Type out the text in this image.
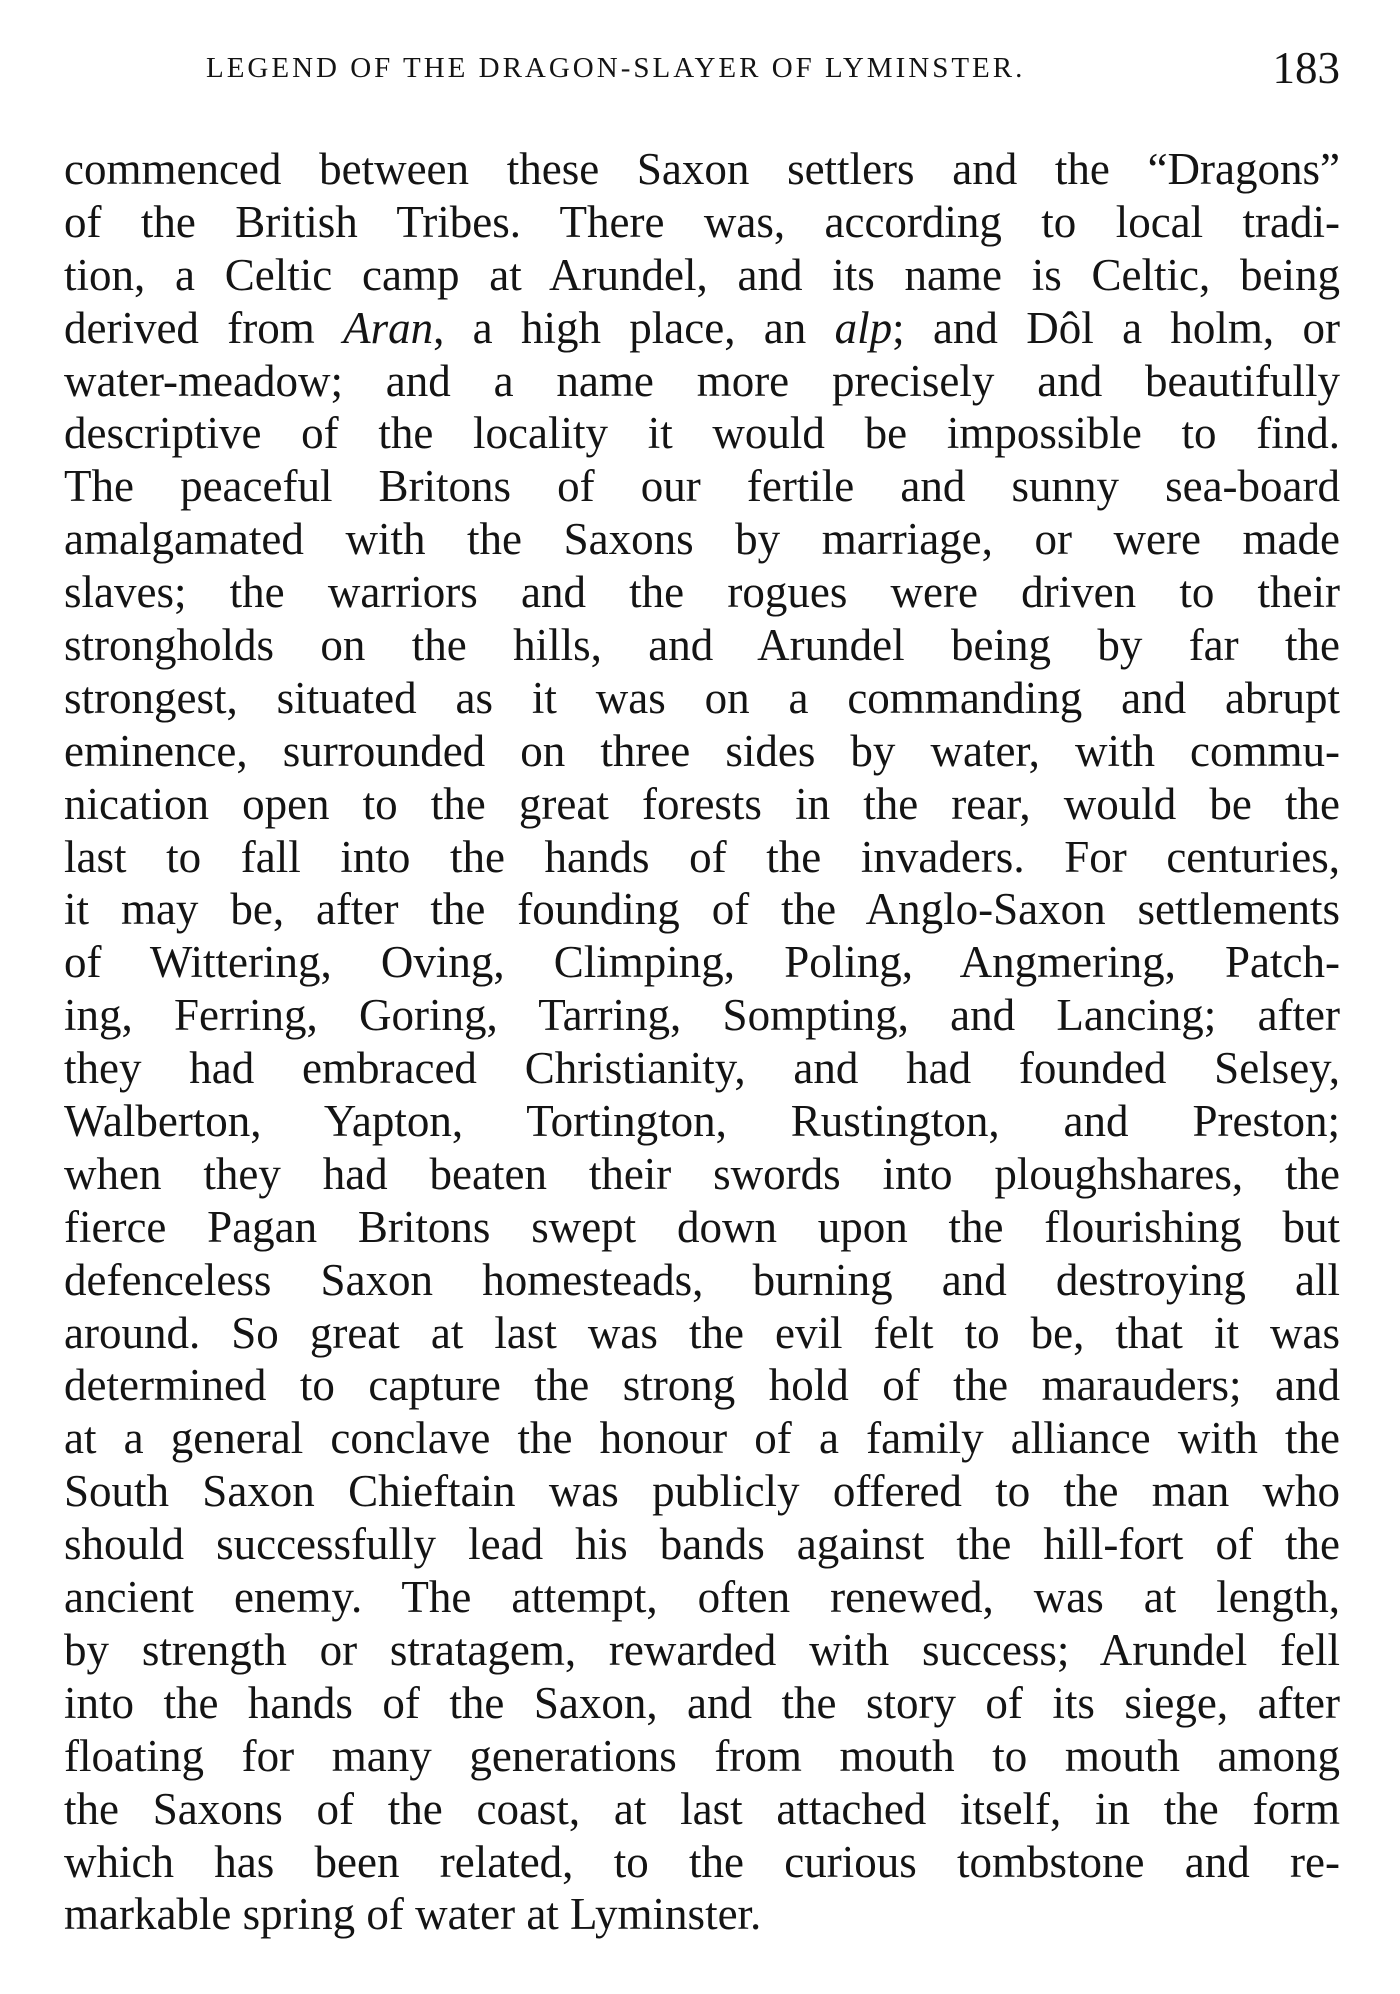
LEGEND OF THE DRAGON-SLAYER OF LYMINSTER.	183
commenced between these Saxon settlers and the “Dragons”
of the British Tribes. There was, according to local tradi-
tion, a Celtic camp at Arundel, and its name is Celtic, being
derived from Aran, a high place, an alp; and Dôl a holm, or
water-meadow; and a name more precisely and beautifully
descriptive of the locality it would be impossible to find.
The peaceful Britons of our fertile and sunny sea-board
amalgamated with the Saxons by marriage, or were made
slaves; the warriors and the rogues were driven to their
strongholds on the hills, and Arundel being by far the
strongest, situated as it was on a commanding and abrupt
eminence, surrounded on three sides by water, with commu-
nication open to the great forests in the rear, would be the
last to fall into the hands of the invaders. For centuries,
it may be, after the founding of the Anglo-Saxon settlements
of Wittering, Oving, Climping, Poling, Angmering, Patch-
ing, Ferring, Goring, Tarring, Sompting, and Lancing; after
they had embraced Christianity, and had founded Selsey,
Walberton, Yapton, Tortington, Rustington, and Preston;
when they had beaten their swords into ploughshares, the
fierce Pagan Britons swept down upon the flourishing but
defenceless Saxon homesteads, burning and destroying all
around. So great at last was the evil felt to be, that it was
determined to capture the strong hold of the marauders; and
at a general conclave the honour of a family alliance with the
South Saxon Chieftain was publicly offered to the man who
should successfully lead his bands against the hill-fort of the
ancient enemy. The attempt, often renewed, was at length,
by strength or stratagem, rewarded with success; Arundel fell
into the hands of the Saxon, and the story of its siege, after
floating for many generations from mouth to mouth among
the Saxons of the coast, at last attached itself, in the form
which has been related, to the curious tombstone and re-
markable spring of water at Lyminster.
